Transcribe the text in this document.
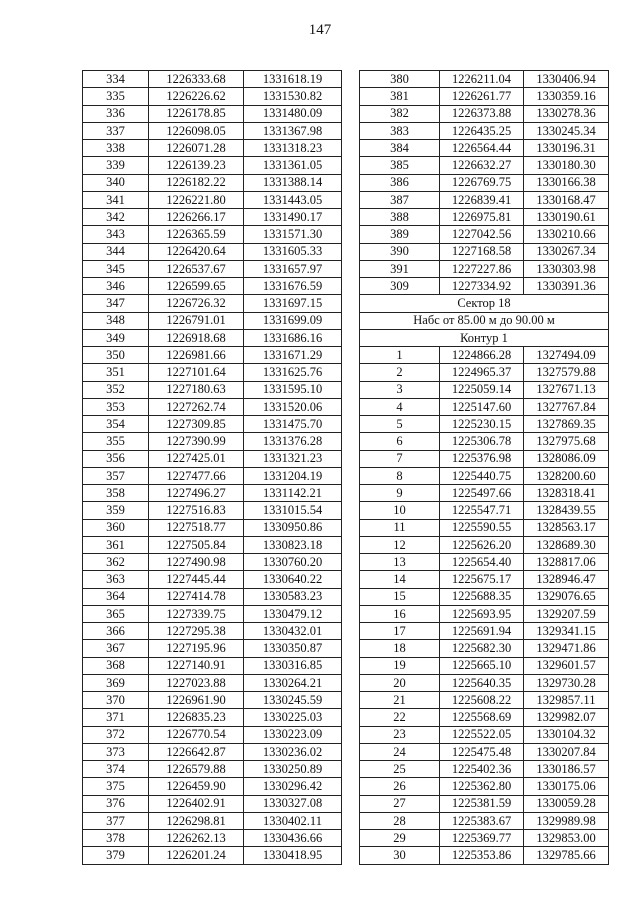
147
334	1226333.68	1331618.19
335	1226226.62	1331530.82
336	1226178.85	1331480.09
337	1226098.05	1331367.98
338	1226071.28	1331318.23
339	1226139.23	1331361.05
340	1226182.22	1331388.14
341	1226221.80	1331443.05
342	1226266.17	1331490.17
343	1226365.59	1331571.30
344	1226420.64	1331605.33
345	1226537.67	1331657.97
346	1226599.65	1331676.59
347	1226726.32	1331697.15
348	1226791.01	1331699.09
349	1226918.68	1331686.16
350	1226981.66	1331671.29
351	1227101.64	1331625.76
352	1227180.63	1331595.10
353	1227262.74	1331520.06
354	1227309.85	1331475.70
355	1227390.99	1331376.28
356	1227425.01	1331321.23
357	1227477.66	1331204.19
358	1227496.27	1331142.21
359	1227516.83	1331015.54
360	1227518.77	1330950.86
361	1227505.84	1330823.18
362	1227490.98	1330760.20
363	1227445.44	1330640.22
364	1227414.78	1330583.23
365	1227339.75	1330479.12
366	1227295.38	1330432.01
367	1227195.96	1330350.87
368	1227140.91	1330316.85
369	1227023.88	1330264.21
370	1226961.90	1330245.59
371	1226835.23	1330225.03
372	1226770.54	1330223.09
373	1226642.87	1330236.02
374	1226579.88	1330250.89
375	1226459.90	1330296.42
376	1226402.91	1330327.08
377	1226298.81	1330402.11
378	1226262.13	1330436.66
379	1226201.24	1330418.95
380	1226211.04	1330406.94
381	1226261.77	1330359.16
382	1226373.88	1330278.36
383	1226435.25	1330245.34
384	1226564.44	1330196.31
385	1226632.27	1330180.30
386	1226769.75	1330166.38
387	1226839.41	1330168.47
388	1226975.81	1330190.61
389	1227042.56	1330210.66
390	1227168.58	1330267.34
391	1227227.86	1330303.98
309	1227334.92	1330391.36
Сектор 18		
Набс от 85.00 м до 90.00 м		
Контур 1		
1	1224866.28	1327494.09
2	1224965.37	1327579.88
3	1225059.14	1327671.13
4	1225147.60	1327767.84
5	1225230.15	1327869.35
6	1225306.78	1327975.68
7	1225376.98	1328086.09
8	1225440.75	1328200.60
9	1225497.66	1328318.41
10	1225547.71	1328439.55
11	1225590.55	1328563.17
12	1225626.20	1328689.30
13	1225654.40	1328817.06
14	1225675.17	1328946.47
15	1225688.35	1329076.65
16	1225693.95	1329207.59
17	1225691.94	1329341.15
18	1225682.30	1329471.86
19	1225665.10	1329601.57
20	1225640.35	1329730.28
21	1225608.22	1329857.11
22	1225568.69	1329982.07
23	1225522.05	1330104.32
24	1225475.48	1330207.84
25	1225402.36	1330186.57
26	1225362.80	1330175.06
27	1225381.59	1330059.28
28	1225383.67	1329989.98
29	1225369.77	1329853.00
30	1225353.86	1329785.66
